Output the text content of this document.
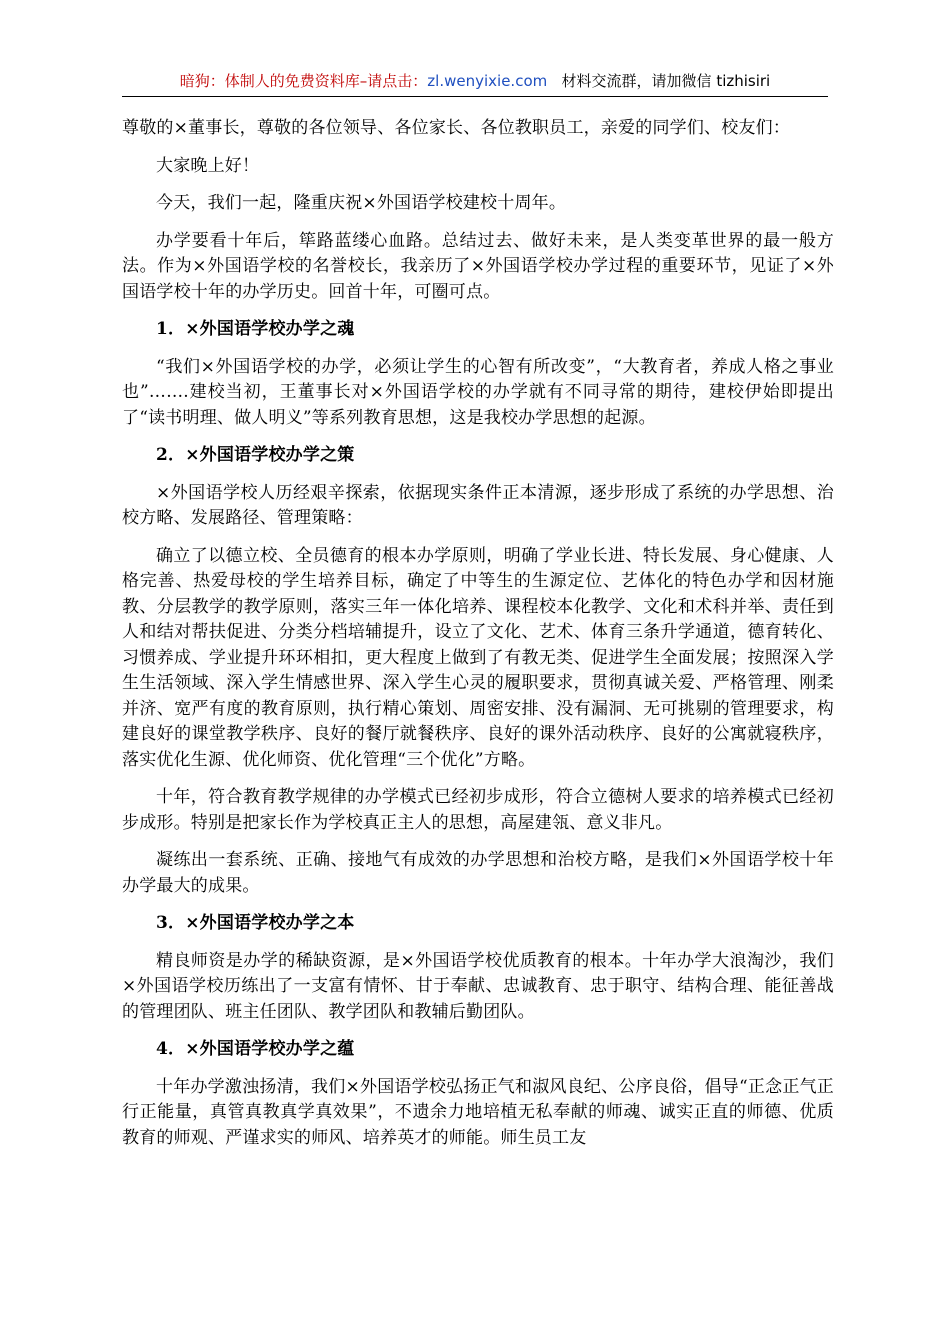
暗狗：体制人的免费资料库–请点击：zl.wenyixie.com 材料交流群，请加微信 tizhisiri

尊敬的×董事长，尊敬的各位领导、各位家长、各位教职员工，亲爱的同学们、校友们：

大家晚上好！

今天，我们一起，隆重庆祝×外国语学校建校十周年。

办学要看十年后，筚路蓝缕心血路。总结过去、做好未来，是人类变革世界的最一般方法。作为×外国语学校的名誉校长，我亲历了×外国语学校办学过程的重要环节，见证了×外国语学校十年的办学历史。回首十年，可圈可点。

1．×外国语学校办学之魂

“我们×外国语学校的办学，必须让学生的心智有所改变”，“大教育者，养成人格之事业也”…….建校当初，王董事长对×外国语学校的办学就有不同寻常的期待，建校伊始即提出了“读书明理、做人明义”等系列教育思想，这是我校办学思想的起源。

2．×外国语学校办学之策

×外国语学校人历经艰辛探索，依据现实条件正本清源，逐步形成了系统的办学思想、治校方略、发展路径、管理策略：

确立了以德立校、全员德育的根本办学原则，明确了学业长进、特长发展、身心健康、人格完善、热爱母校的学生培养目标，确定了中等生的生源定位、艺体化的特色办学和因材施教、分层教学的教学原则，落实三年一体化培养、课程校本化教学、文化和术科并举、责任到人和结对帮扶促进、分类分档培辅提升，设立了文化、艺术、体育三条升学通道，德育转化、习惯养成、学业提升环环相扣，更大程度上做到了有教无类、促进学生全面发展；按照深入学生生活领域、深入学生情感世界、深入学生心灵的履职要求，贯彻真诚关爱、严格管理、刚柔并济、宽严有度的教育原则，执行精心策划、周密安排、没有漏洞、无可挑剔的管理要求，构建良好的课堂教学秩序、良好的餐厅就餐秩序、良好的课外活动秩序、良好的公寓就寝秩序，落实优化生源、优化师资、优化管理“三个优化”方略。

十年，符合教育教学规律的办学模式已经初步成形，符合立德树人要求的培养模式已经初步成形。特别是把家长作为学校真正主人的思想，高屋建瓴、意义非凡。

凝练出一套系统、正确、接地气有成效的办学思想和治校方略，是我们×外国语学校十年办学最大的成果。

3．×外国语学校办学之本

精良师资是办学的稀缺资源，是×外国语学校优质教育的根本。十年办学大浪淘沙，我们×外国语学校历练出了一支富有情怀、甘于奉献、忠诚教育、忠于职守、结构合理、能征善战的管理团队、班主任团队、教学团队和教辅后勤团队。

4．×外国语学校办学之蕴

十年办学激浊扬清，我们×外国语学校弘扬正气和淑风良纪、公序良俗，倡导“正念正气正行正能量，真管真教真学真效果”，不遗余力地培植无私奉献的师魂、诚实正直的师德、优质教育的师观、严谨求实的师风、培养英才的师能。师生员工友
